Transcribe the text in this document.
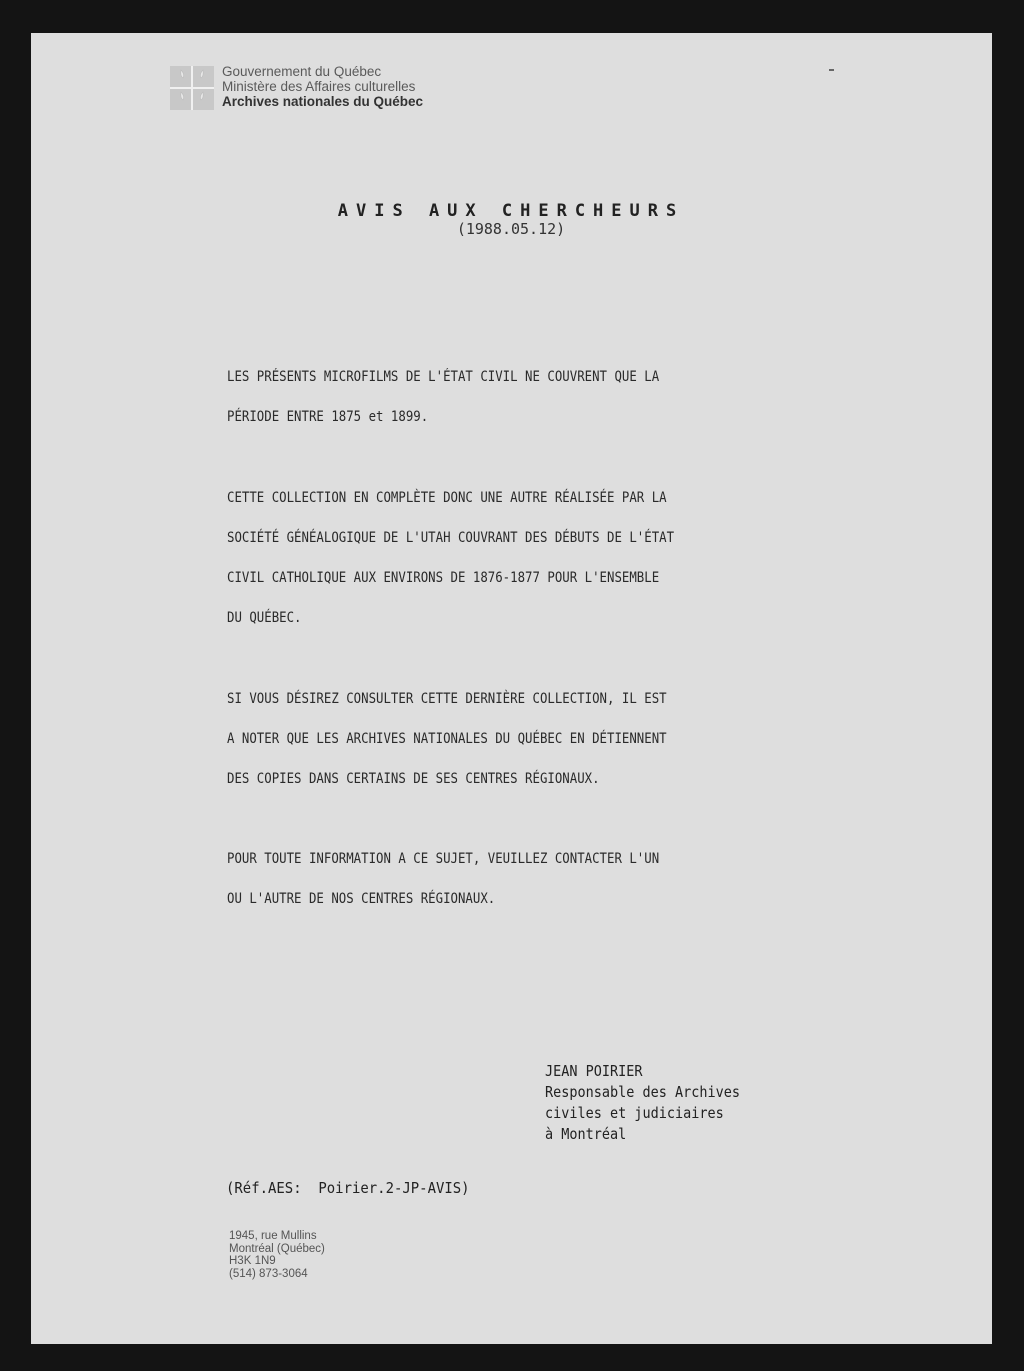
Gouvernement du Québec
Ministère des Affaires culturelles
Archives nationales du Québec
AVIS AUX CHERCHEURS
(1988.05.12)
LES PRÉSENTS MICROFILMS DE L'ÉTAT CIVIL NE COUVRENT QUE LA
PÉRIODE ENTRE 1875 et 1899.
CETTE COLLECTION EN COMPLÈTE DONC UNE AUTRE RÉALISÉE PAR LA
SOCIÉTÉ GÉNÉALOGIQUE DE L'UTAH COUVRANT DES DÉBUTS DE L'ÉTAT
CIVIL CATHOLIQUE AUX ENVIRONS DE 1876-1877 POUR L'ENSEMBLE
DU QUÉBEC.
SI VOUS DÉSIREZ CONSULTER CETTE DERNIÈRE COLLECTION, IL EST
A NOTER QUE LES ARCHIVES NATIONALES DU QUÉBEC EN DÉTIENNENT
DES COPIES DANS CERTAINS DE SES CENTRES RÉGIONAUX.
POUR TOUTE INFORMATION A CE SUJET, VEUILLEZ CONTACTER L'UN
OU L'AUTRE DE NOS CENTRES RÉGIONAUX.
JEAN POIRIER
Responsable des Archives
civiles et judiciaires
à Montréal
(Réf.AES:  Poirier.2-JP-AVIS)
1945, rue Mullins
Montréal (Québec)
H3K 1N9
(514) 873-3064
